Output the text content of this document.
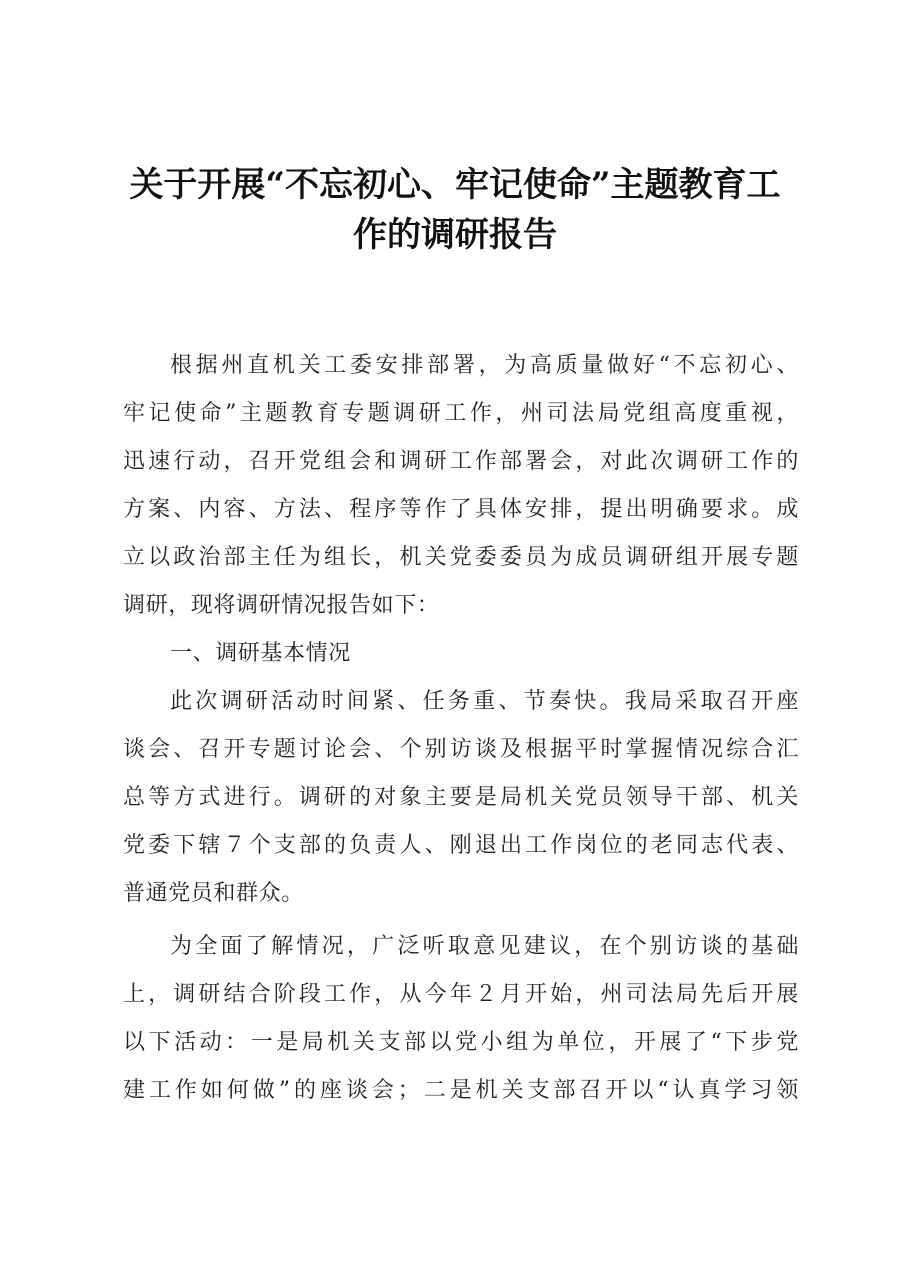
关于开展“不忘初心、牢记使命”主题教育工
作的调研报告
根据州直机关工委安排部署，为高质量做好“不忘初心、
牢记使命”主题教育专题调研工作，州司法局党组高度重视，
迅速行动，召开党组会和调研工作部署会，对此次调研工作的
方案、内容、方法、程序等作了具体安排，提出明确要求。成
立以政治部主任为组长，机关党委委员为成员调研组开展专题
调研，现将调研情况报告如下：
一、调研基本情况
此次调研活动时间紧、任务重、节奏快。我局采取召开座
谈会、召开专题讨论会、个别访谈及根据平时掌握情况综合汇
总等方式进行。调研的对象主要是局机关党员领导干部、机关
党委下辖７个支部的负责人、刚退出工作岗位的老同志代表、
普通党员和群众。
为全面了解情况，广泛听取意见建议，在个别访谈的基础
上，调研结合阶段工作，从今年２月开始，州司法局先后开展
以下活动：一是局机关支部以党小组为单位，开展了“下步党
建工作如何做”的座谈会；二是机关支部召开以“认真学习领
